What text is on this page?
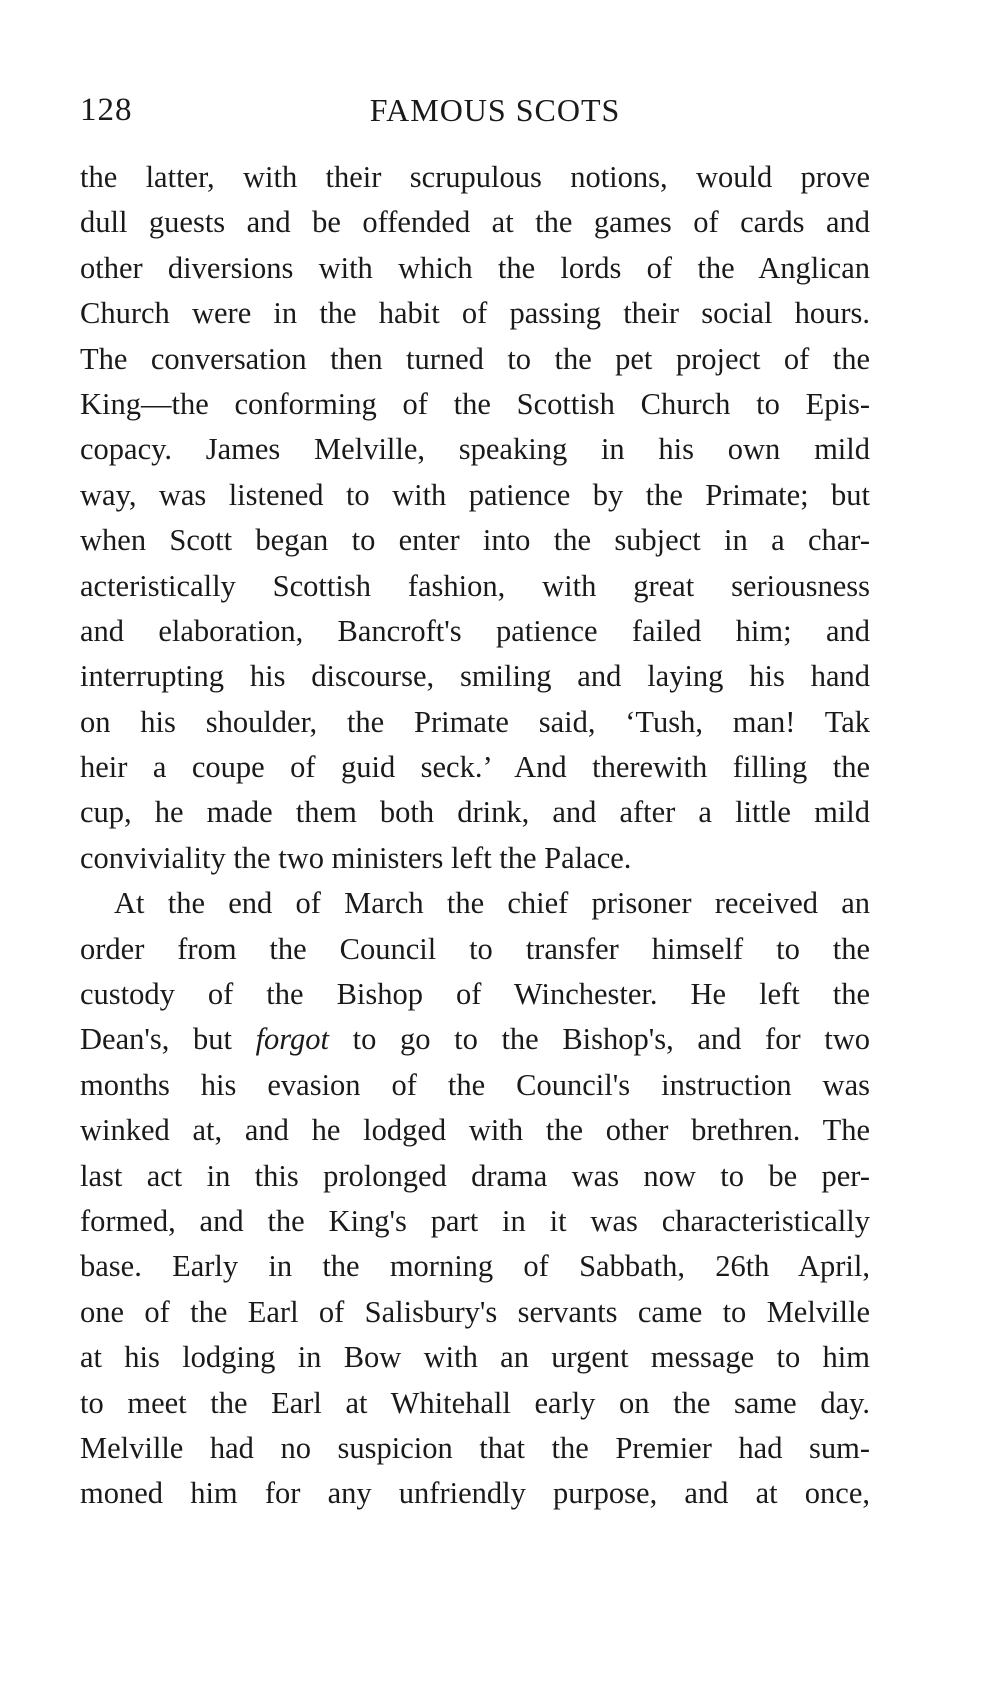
128	FAMOUS SCOTS
the latter, with their scrupulous notions, would prove
dull guests and be offended at the games of cards and
other diversions with which the lords of the Anglican
Church were in the habit of passing their social hours.
The conversation then turned to the pet project of the
King—the conforming of the Scottish Church to Epis-
copacy. James Melville, speaking in his own mild
way, was listened to with patience by the Primate; but
when Scott began to enter into the subject in a char-
acteristically Scottish fashion, with great seriousness
and elaboration, Bancroft's patience failed him; and
interrupting his discourse, smiling and laying his hand
on his shoulder, the Primate said, ‘Tush, man! Tak
heir a coupe of guid seck.’ And therewith filling the
cup, he made them both drink, and after a little mild
conviviality the two ministers left the Palace.
At the end of March the chief prisoner received an
order from the Council to transfer himself to the
custody of the Bishop of Winchester. He left the
Dean's, but forgot to go to the Bishop's, and for two
months his evasion of the Council's instruction was
winked at, and he lodged with the other brethren. The
last act in this prolonged drama was now to be per-
formed, and the King's part in it was characteristically
base. Early in the morning of Sabbath, 26th April,
one of the Earl of Salisbury's servants came to Melville
at his lodging in Bow with an urgent message to him
to meet the Earl at Whitehall early on the same day.
Melville had no suspicion that the Premier had sum-
moned him for any unfriendly purpose, and at once,
